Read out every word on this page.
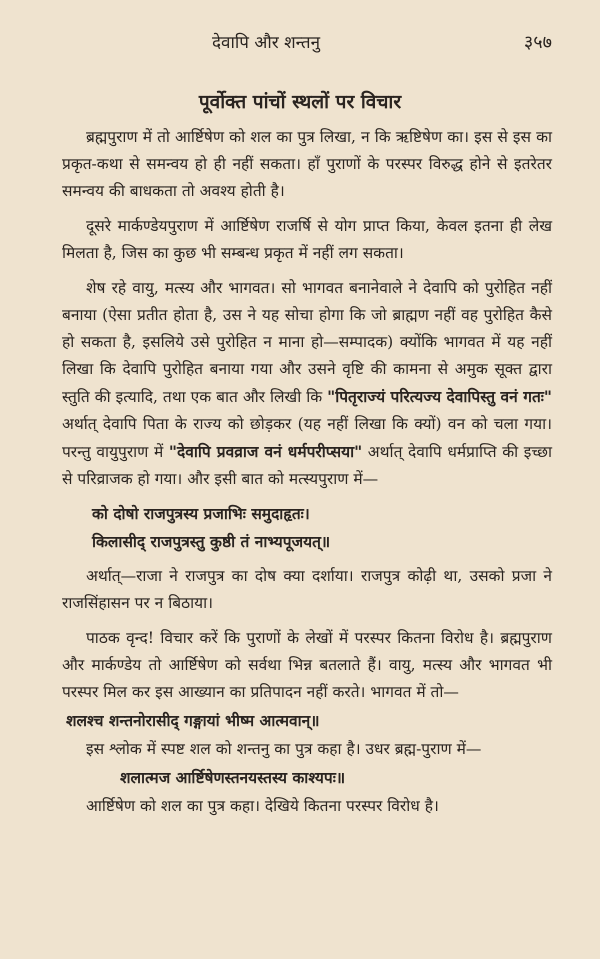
देवापि और शन्तनु	३५७
पूर्वोक्त पांचों स्थलों पर विचार

ब्रह्मपुराण में तो आर्ष्टिषेण को शल का पुत्र लिखा, न कि ऋष्टिषेण का। इस से इस का प्रकृत-कथा से समन्वय हो ही नहीं सकता। हाँ पुराणों के परस्पर विरुद्ध होने से इतरेतर समन्वय की बाधकता तो अवश्य होती है।

दूसरे मार्कण्डेयपुराण में आर्ष्टिषेण राजर्षि से योग प्राप्त किया, केवल इतना ही लेख मिलता है, जिस का कुछ भी सम्बन्ध प्रकृत में नहीं लग सकता।

शेष रहे वायु, मत्स्य और भागवत। सो भागवत बनानेवाले ने देवापि को पुरोहित नहीं बनाया (ऐसा प्रतीत होता है, उस ने यह सोचा होगा कि जो ब्राह्मण नहीं वह पुरोहित कैसे हो सकता है, इसलिये उसे पुरोहित न माना हो—सम्पादक) क्योंकि भागवत में यह नहीं लिखा कि देवापि पुरोहित बनाया गया और उसने वृष्टि की कामना से अमुक सूक्त द्वारा स्तुति की इत्यादि, तथा एक बात और लिखी कि "पितृराज्यं परित्यज्य देवापिस्तु वनं गतः" अर्थात् देवापि पिता के राज्य को छोड़कर (यह नहीं लिखा कि क्यों) वन को चला गया। परन्तु वायुपुराण में "देवापि प्रवव्राज वनं धर्मपरीप्सया" अर्थात् देवापि धर्मप्राप्ति की इच्छा से परिव्राजक हो गया। और इसी बात को मत्स्यपुराण में—

को दोषो राजपुत्रस्य प्रजाभिः समुदाहृतः।
किलासीद् राजपुत्रस्तु कुष्ठी तं नाभ्यपूजयत्॥

अर्थात्—राजा ने राजपुत्र का दोष क्या दर्शाया। राजपुत्र कोढ़ी था, उसको प्रजा ने राजसिंहासन पर न बिठाया।

पाठक वृन्द! विचार करें कि पुराणों के लेखों में परस्पर कितना विरोध है। ब्रह्मपुराण और मार्कण्डेय तो आर्ष्टिषेण को सर्वथा भिन्न बतलाते हैं। वायु, मत्स्य और भागवत भी परस्पर मिल कर इस आख्यान का प्रतिपादन नहीं करते। भागवत में तो—

शलश्च शन्तनोरासीद् गङ्गायां भीष्म आत्मवान्॥

इस श्लोक में स्पष्ट शल को शन्तनु का पुत्र कहा है। उधर ब्रह्म-पुराण में—

शलात्मज आर्ष्टिषेणस्तनयस्तस्य काश्यपः॥

आर्ष्टिषेण को शल का पुत्र कहा। देखिये कितना परस्पर विरोध है।
